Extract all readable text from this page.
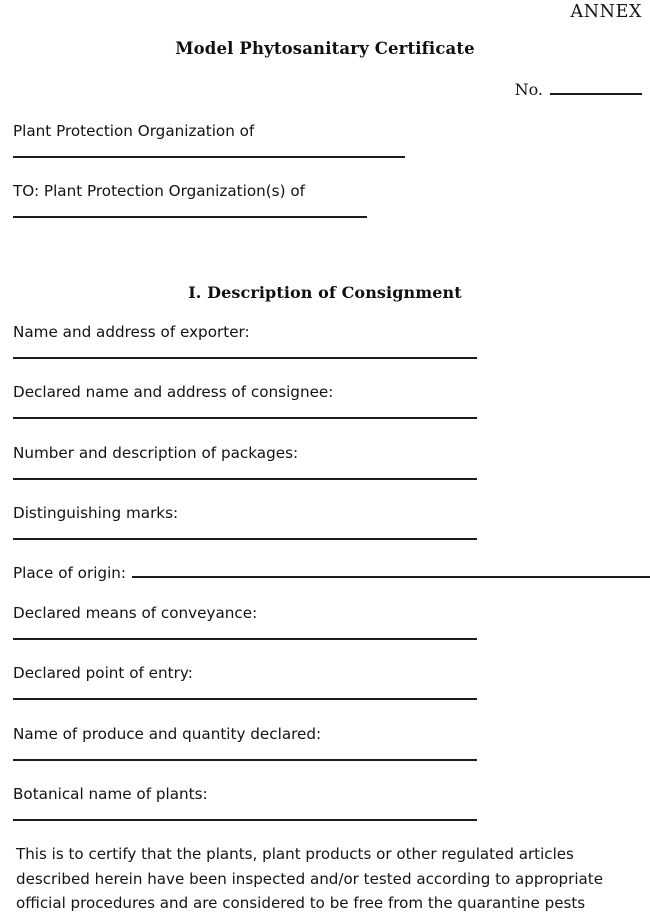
ANNEX
Model Phytosanitary Certificate
No.
Plant Protection Organization of
TO: Plant Protection Organization(s) of
I. Description of Consignment
Name and address of exporter:
Declared name and address of consignee:
Number and description of packages:
Distinguishing marks:
Place of origin:
Declared means of conveyance:
Declared point of entry:
Name of produce and quantity declared:
Botanical name of plants:
This is to certify that the plants, plant products or other regulated articles
described herein have been inspected and/or tested according to appropriate
official procedures and are considered to be free from the quarantine pests
